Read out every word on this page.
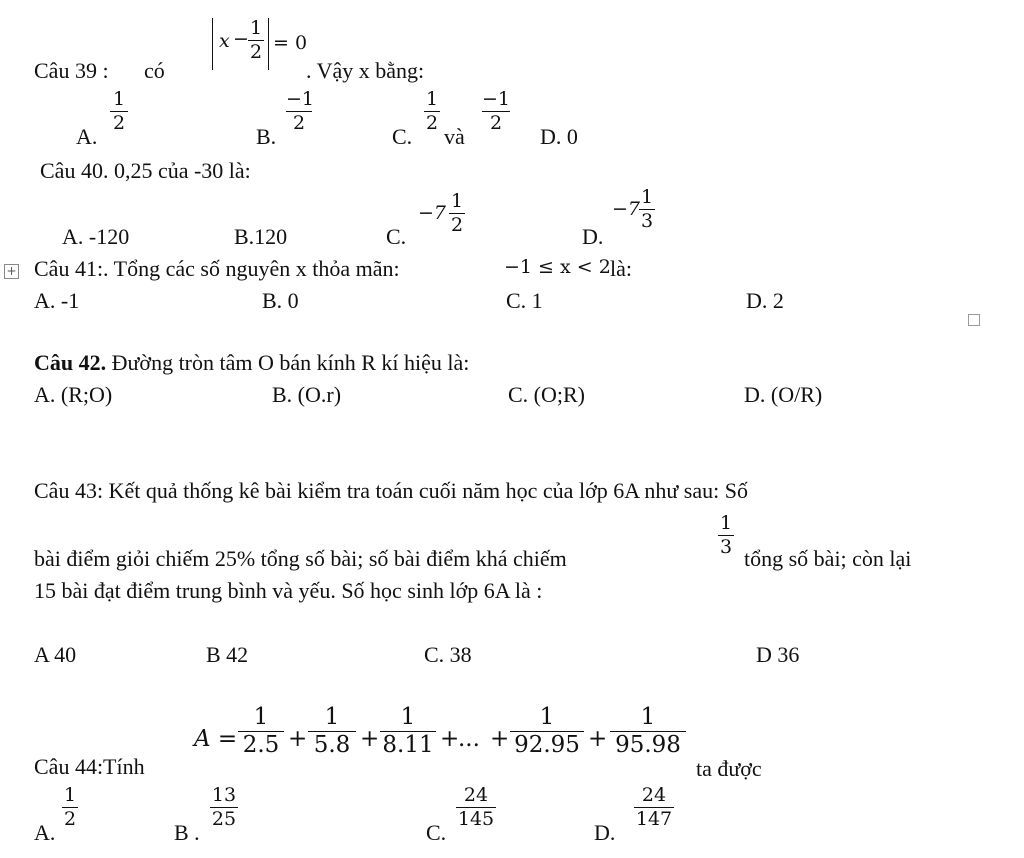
Câu 39 : có
x − 1
2 = 0
. Vậy x bằng:
A.
1
2
B.
−1
2
C.
1
2
và
−1
2
D. 0
Câu 40. 0,25 của -30 là:
A. -120	B.120	C.
−7
1
2	D.
−7
1
3
+ Câu 41:. Tổng các số nguyên x thỏa mãn:	−1 ≤ x < 2 là:
A. -1	B. 0	C. 1	D. 2
Câu 42. Đường tròn tâm O bán kính R kí hiệu là:
A. (R;O)	B. (O.r)	C. (O;R)	D. (O/R)
Câu 43: Kết quả thống kê bài kiểm tra toán cuối năm học của lớp 6A như sau: Số
bài điểm giỏi chiếm 25% tổng số bài; số bài điểm khá chiếm
1
3 tổng số bài; còn lại
15 bài đạt điểm trung bình và yếu. Số học sinh lớp 6A là :
A 40	B 42	C. 38	D 36
Câu 44:Tính
A =
1
2.5 +
1
5.8 +
1
8.11 +
... +
1
92.95 +
1
95.98
ta được
A.
1
2
B .
13
25
C.
24
145
D.
24
147
